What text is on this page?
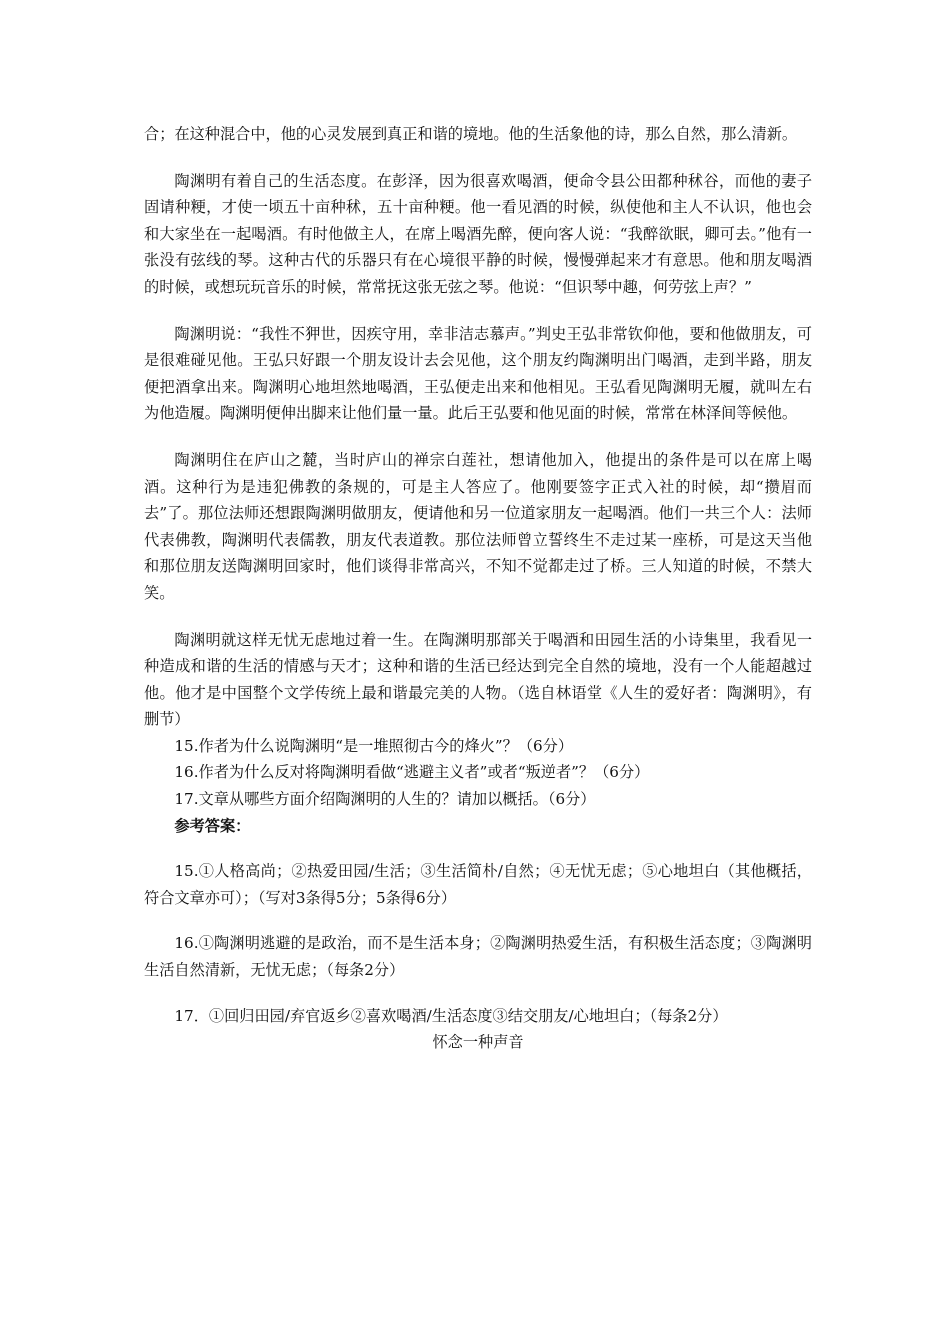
合；在这种混合中，他的心灵发展到真正和谐的境地。他的生活象他的诗，那么自然，那么清新。

陶渊明有着自己的生活态度。在彭泽，因为很喜欢喝酒，便命令县公田都种秫谷，而他的妻子固请种粳，才使一顷五十亩种秫，五十亩种粳。他一看见酒的时候，纵使他和主人不认识，他也会和大家坐在一起喝酒。有时他做主人，在席上喝酒先醉，便向客人说：“我醉欲眠，卿可去。”他有一张没有弦线的琴。这种古代的乐器只有在心境很平静的时候，慢慢弹起来才有意思。他和朋友喝酒的时候，或想玩玩音乐的时候，常常抚这张无弦之琴。他说：“但识琴中趣，何劳弦上声？”

陶渊明说：“我性不狎世，因疾守用，幸非洁志慕声。”判史王弘非常钦仰他，要和他做朋友，可是很难碰见他。王弘只好跟一个朋友设计去会见他，这个朋友约陶渊明出门喝酒，走到半路，朋友便把酒拿出来。陶渊明心地坦然地喝酒，王弘便走出来和他相见。王弘看见陶渊明无履，就叫左右为他造履。陶渊明便伸出脚来让他们量一量。此后王弘要和他见面的时候，常常在林泽间等候他。

陶渊明住在庐山之麓，当时庐山的禅宗白莲社，想请他加入，他提出的条件是可以在席上喝酒。这种行为是违犯佛教的条规的，可是主人答应了。他刚要签字正式入社的时候，却“攒眉而去”了。那位法师还想跟陶渊明做朋友，便请他和另一位道家朋友一起喝酒。他们一共三个人：法师代表佛教，陶渊明代表儒教，朋友代表道教。那位法师曾立誓终生不走过某一座桥，可是这天当他和那位朋友送陶渊明回家时，他们谈得非常高兴，不知不觉都走过了桥。三人知道的时候，不禁大笑。

陶渊明就这样无忧无虑地过着一生。在陶渊明那部关于喝酒和田园生活的小诗集里，我看见一种造成和谐的生活的情感与天才；这种和谐的生活已经达到完全自然的境地，没有一个人能超越过他。他才是中国整个文学传统上最和谐最完美的人物。（选自林语堂《人生的爱好者：陶渊明》，有删节）

15.作者为什么说陶渊明“是一堆照彻古今的烽火”？（6分）

16.作者为什么反对将陶渊明看做“逃避主义者”或者“叛逆者”？（6分）

17.文章从哪些方面介绍陶渊明的人生的？请加以概括。（6分）

参考答案：

15.①人格高尚；②热爱田园/生活；③生活简朴/自然；④无忧无虑；⑤心地坦白（其他概括，符合文章亦可）；（写对3条得5分；5条得6分）

16.①陶渊明逃避的是政治，而不是生活本身；②陶渊明热爱生活，有积极生活态度；③陶渊明生活自然清新，无忧无虑；（每条2分）

17．①回归田园/弃官返乡②喜欢喝酒/生活态度③结交朋友/心地坦白；（每条2分）

怀念一种声音
